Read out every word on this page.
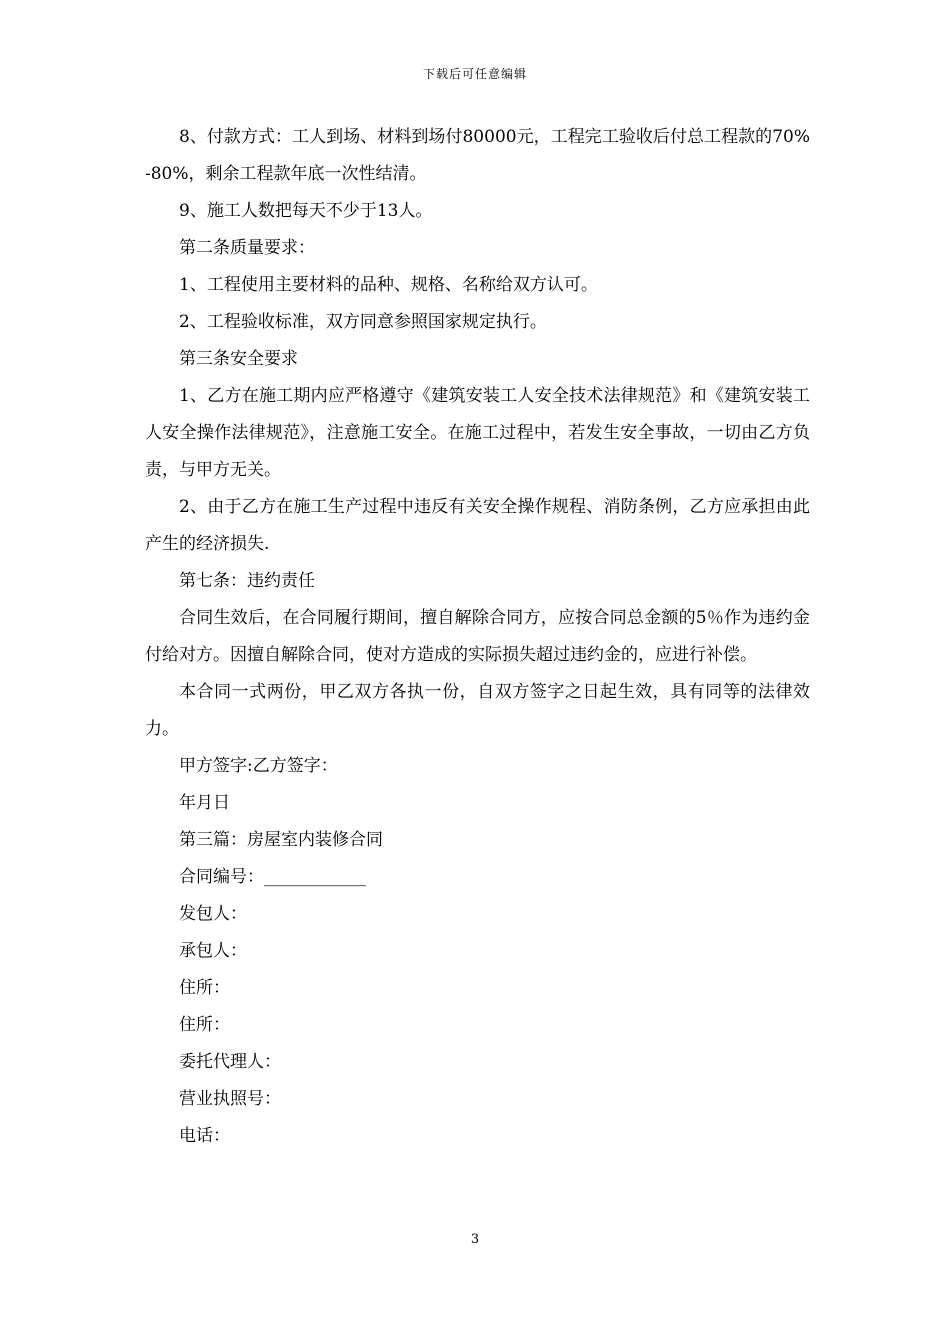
下载后可任意编辑

8、付款方式：工人到场、材料到场付80000元，工程完工验收后付总工程款的70%-80%，剩余工程款年底一次性结清。

9、施工人数把每天不少于13人。

第二条质量要求：

1、工程使用主要材料的品种、规格、名称给双方认可。

2、工程验收标准，双方同意参照国家规定执行。

第三条安全要求

1、乙方在施工期内应严格遵守《建筑安装工人安全技术法律规范》和《建筑安装工人安全操作法律规范》，注意施工安全。在施工过程中，若发生安全事故，一切由乙方负责，与甲方无关。

2、由于乙方在施工生产过程中违反有关安全操作规程、消防条例，乙方应承担由此产生的经济损失.

第七条：违约责任

合同生效后，在合同履行期间，擅自解除合同方，应按合同总金额的5％作为违约金付给对方。因擅自解除合同，使对方造成的实际损失超过违约金的，应进行补偿。

本合同一式两份，甲乙双方各执一份，自双方签字之日起生效，具有同等的法律效力。

甲方签字:乙方签字：

年月日

第三篇：房屋室内装修合同

合同编号：____________

发包人：

承包人：

住所：

住所：

委托代理人：

营业执照号：

电话：

3
